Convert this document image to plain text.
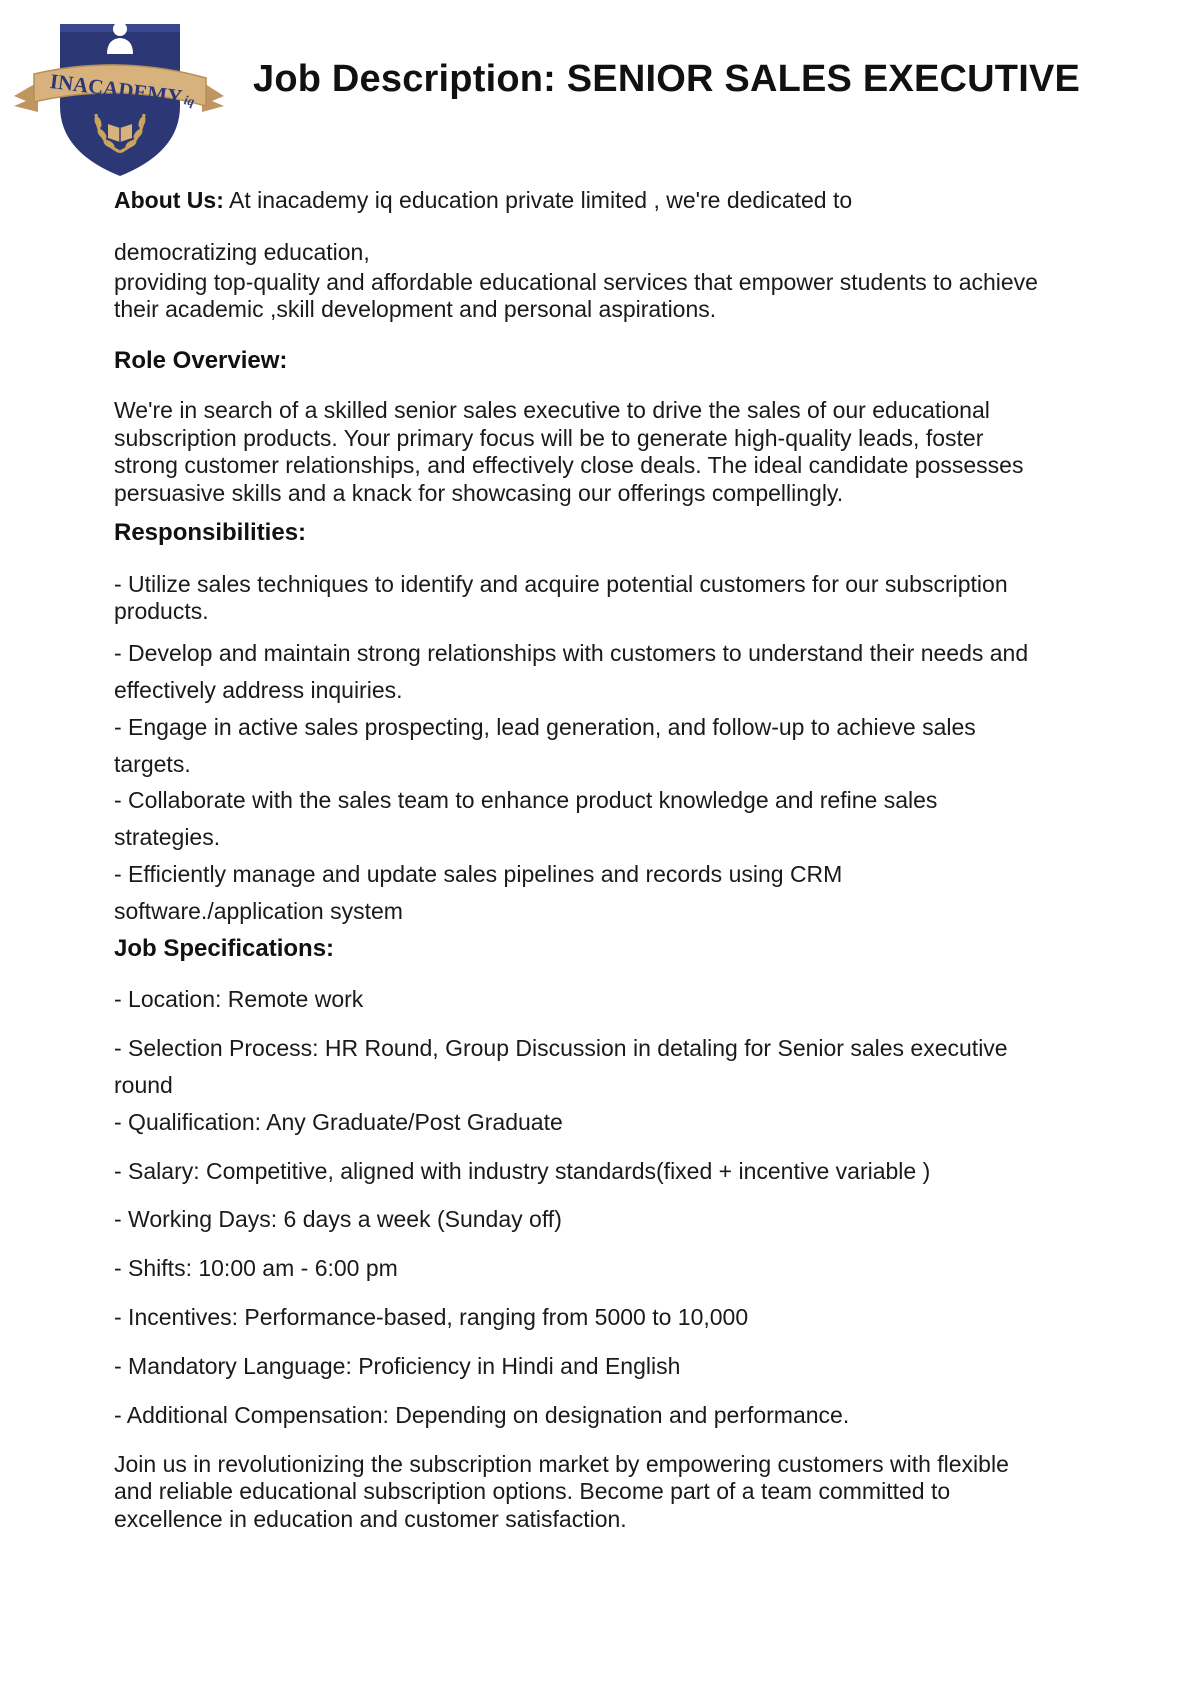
INACADEMY iq
Job Description: SENIOR SALES EXECUTIVE

About Us: At inacademy iq education private limited , we're dedicated to

democratizing education,

providing top-quality and affordable educational services that empower students to achieve

their academic ,skill development and personal aspirations.

Role Overview:

We're in search of a skilled senior sales executive to drive the sales of our educational

subscription products. Your primary focus will be to generate high-quality leads, foster

strong customer relationships, and effectively close deals. The ideal candidate possesses

persuasive skills and a knack for showcasing our offerings compellingly.

Responsibilities:

- Utilize sales techniques to identify and acquire potential customers for our subscription

products.

- Develop and maintain strong relationships with customers to understand their needs and

effectively address inquiries.

- Engage in active sales prospecting, lead generation, and follow-up to achieve sales

targets.

- Collaborate with the sales team to enhance product knowledge and refine sales

strategies.

- Efficiently manage and update sales pipelines and records using CRM

software./application system

Job Specifications:

- Location: Remote work

- Selection Process: HR Round, Group Discussion in detaling for Senior sales executive

round

- Qualification: Any Graduate/Post Graduate

- Salary: Competitive, aligned with industry standards(fixed + incentive variable )

- Working Days: 6 days a week (Sunday off)

- Shifts: 10:00 am - 6:00 pm

- Incentives: Performance-based, ranging from 5000 to 10,000

- Mandatory Language: Proficiency in Hindi and English

- Additional Compensation: Depending on designation and performance.

Join us in revolutionizing the subscription market by empowering customers with flexible

and reliable educational subscription options. Become part of a team committed to

excellence in education and customer satisfaction.
